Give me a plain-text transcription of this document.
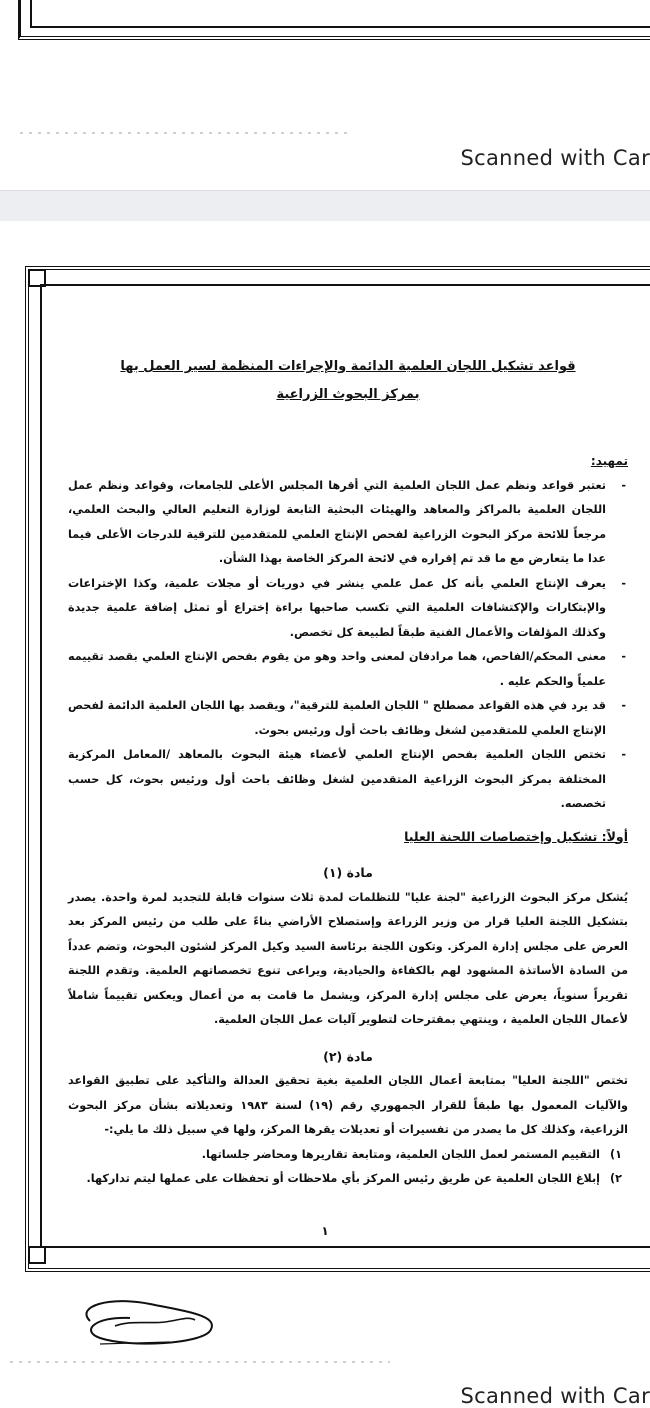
Scanned with Car

قواعد تشكيل اللجان العلمية الدائمة والإجراءات المنظمة لسير العمل بها

بمركز البحوث الزراعية

تمهيد:

- تعتبر قواعد ونظم عمل اللجان العلمية التي أقرها المجلس الأعلى للجامعات، وقواعد ونظم عمل اللجان العلمية بالمراكز والمعاهد والهيئات البحثية التابعة لوزارة التعليم العالي والبحث العلمي، مرجعاً للائحة مركز البحوث الزراعية لفحص الإنتاج العلمي للمتقدمين للترقية للدرجات الأعلى فيما عدا ما يتعارض مع ما قد تم إقراره في لائحة المركز الخاصة بهذا الشأن.
- يعرف الإنتاج العلمي بأنه كل عمل علمي ينشر في دوريات أو مجلات علمية، وكذا الإختراعات والإبتكارات والإكتشافات العلمية التي تكسب صاحبها براءة إختراع أو تمثل إضافة علمية جديدة وكذلك المؤلفات والأعمال الفنية طبقاً لطبيعة كل تخصص.
- معنى المحكم/الفاحص، هما مرادفان لمعنى واحد وهو من يقوم بفحص الإنتاج العلمي بقصد تقييمه علمياً والحكم عليه .
- قد يرد في هذه القواعد مصطلح " اللجان العلمية للترقية"، ويقصد بها اللجان العلمية الدائمة لفحص الإنتاج العلمي للمتقدمين لشغل وظائف باحث أول ورئيس بحوث.
- تختص اللجان العلمية بفحص الإنتاج العلمي لأعضاء هيئة البحوث بالمعاهد /المعامل المركزية المختلفة بمركز البحوث الزراعية المتقدمين لشغل وظائف باحث أول ورئيس بحوث، كل حسب تخصصه.

أولاً: تشكيل وإختصاصات اللجنة العليا

مادة (١)

يُشكل مركز البحوث الزراعية "لجنة عليا" للتظلمات لمدة ثلاث سنوات قابلة للتجديد لمرة واحدة. يصدر بتشكيل اللجنة العليا قرار من وزير الزراعة وإستصلاح الأراضي بناءً على طلب من رئيس المركز بعد العرض على مجلس إدارة المركز. وتكون اللجنة برئاسة السيد وكيل المركز لشئون البحوث، وتضم عدداً من السادة الأساتذة المشهود لهم بالكفاءة والحيادية، ويراعى تنوع تخصصاتهم العلمية. وتقدم اللجنة تقريراً سنوياً، يعرض على مجلس إدارة المركز، ويشمل ما قامت به من أعمال ويعكس تقييماً شاملاً لأعمال اللجان العلمية ، وينتهي بمقترحات لتطوير آليات عمل اللجان العلمية.

مادة (٢)

تختص "اللجنة العليا" بمتابعة أعمال اللجان العلمية بغية تحقيق العدالة والتأكيد على تطبيق القواعد والآليات المعمول بها طبقاً للقرار الجمهوري رقم (١٩) لسنة ١٩٨٣ وتعديلاته بشأن مركز البحوث الزراعية، وكذلك كل ما يصدر من تفسيرات أو تعديلات يقرها المركز، ولها في سبيل ذلك ما يلي:-

١)التقييم المستمر لعمل اللجان العلمية، ومتابعة تقاريرها ومحاضر جلساتها.
٢)إبلاغ اللجان العلمية عن طريق رئيس المركز بأي ملاحظات أو تحفظات على عملها ليتم تداركها.
١
Scanned with Car
